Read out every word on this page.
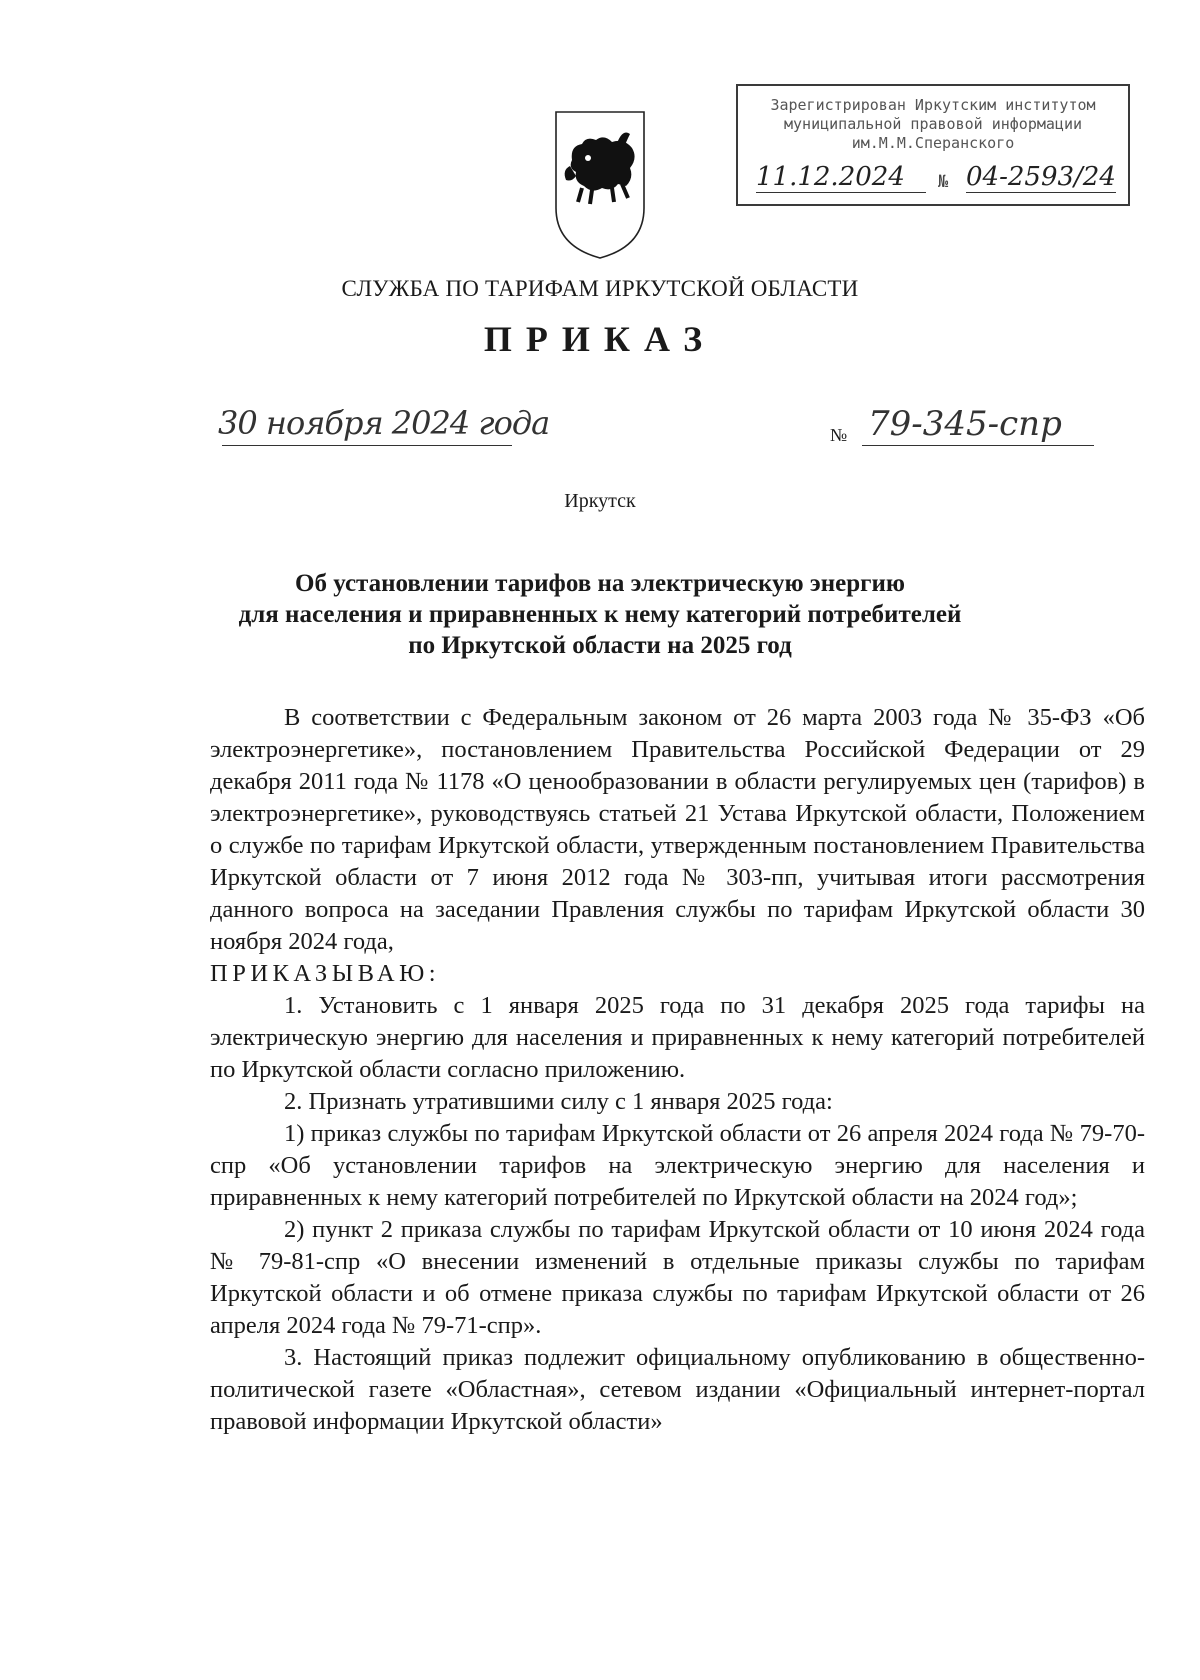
Зарегистрирован Иркутским институтом
муниципальной правовой информации
им.М.М.Сперанского
11.12.2024	№ 04-2593/24
СЛУЖБА ПО ТАРИФАМ ИРКУТСКОЙ ОБЛАСТИ
ПРИКАЗ
30 ноября 2024 года	№ 79-345-спр
Иркутск
Об установлении тарифов на электрическую энергию
для населения и приравненных к нему категорий потребителей
по Иркутской области на 2025 год

В соответствии с Федеральным законом от 26 марта 2003 года № 35-ФЗ «Об электроэнергетике», постановлением Правительства Российской Федерации от 29 декабря 2011 года № 1178 «О ценообразовании в области регулируемых цен (тарифов) в электроэнергетике», руководствуясь статьей 21 Устава Иркутской области, Положением о службе по тарифам Иркутской области, утвержденным постановлением Правительства Иркутской области от 7 июня 2012 года № 303-пп, учитывая итоги рассмотрения данного вопроса на заседании Правления службы по тарифам Иркутской области 30 ноября 2024 года,

ПРИКАЗЫВАЮ:

1. Установить с 1 января 2025 года по 31 декабря 2025 года тарифы на электрическую энергию для населения и приравненных к нему категорий потребителей по Иркутской области согласно приложению.

2. Признать утратившими силу с 1 января 2025 года:

1) приказ службы по тарифам Иркутской области от 26 апреля 2024 года № 79-70-спр «Об установлении тарифов на электрическую энергию для населения и приравненных к нему категорий потребителей по Иркутской области на 2024 год»;

2) пункт 2 приказа службы по тарифам Иркутской области от 10 июня 2024 года № 79-81-спр «О внесении изменений в отдельные приказы службы по тарифам Иркутской области и об отмене приказа службы по тарифам Иркутской области от 26 апреля 2024 года № 79-71-спр».

3. Настоящий приказ подлежит официальному опубликованию в общественно-политической газете «Областная», сетевом издании «Официальный интернет-портал правовой информации Иркутской области»
